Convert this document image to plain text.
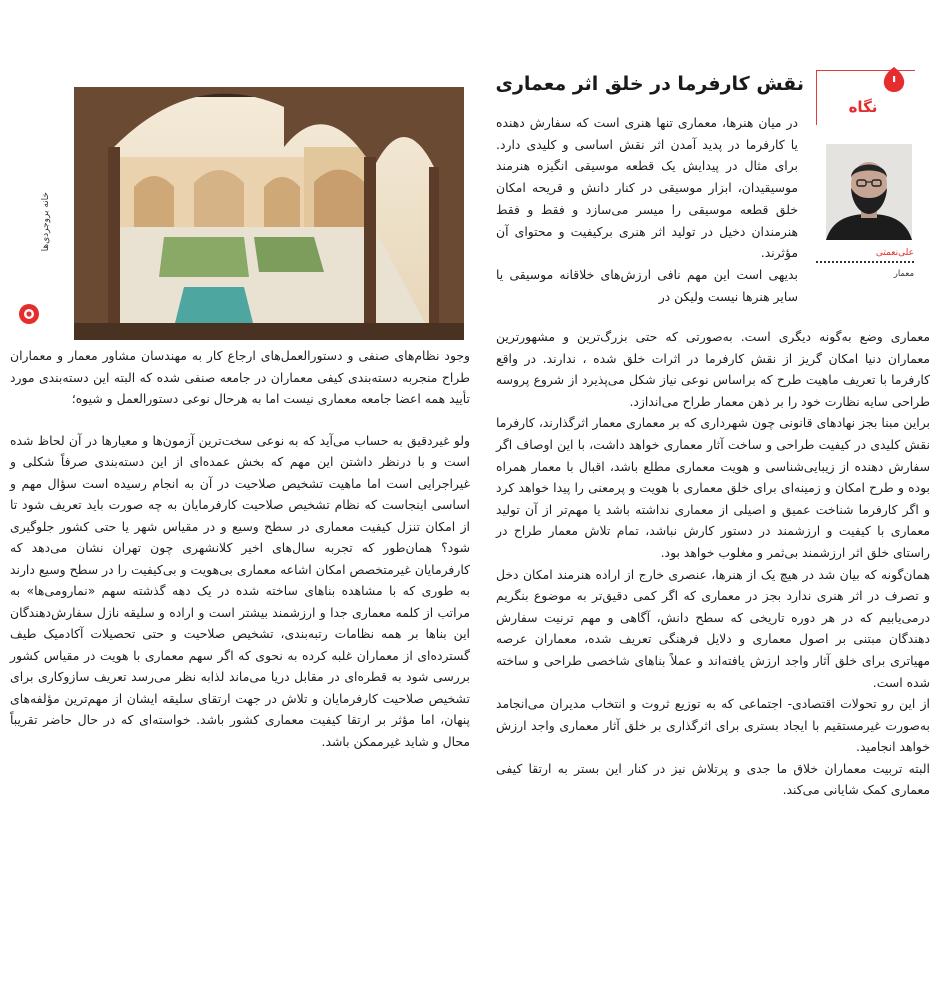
نگاه
علی‌نعمتی
معمار
نقش کارفرما در خلق اثر معماری

در میان هنرها، معماری تنها هنری است که سفارش دهنده یا کارفرما در پدید آمدن اثر نقش اساسی و کلیدی دارد. برای مثال در پیدایش یک قطعه موسیقی انگیزه هنرمند موسیقیدان، ابزار موسیقی در کنار دانش و قریحه امکان خلق قطعه موسیقی را میسر می‌سازد و فقط و فقط هنرمندان دخیل در تولید اثر هنری برکیفیت و محتوای آن مؤثرند.

بدیهی است این مهم نافی ارزش‌های خلاقانه موسیقی یا سایر هنرها نیست ولیکن در

معماری وضع به‌گونه دیگری است. به‌صورتی که حتی بزرگ‌ترین و مشهورترین معماران دنیا امکان گریز از نقش کارفرما در اثرات خلق شده ، ندارند. در واقع کارفرما با تعریف ماهیت طرح که براساس نوعی نیاز شکل می‌پذیرد از شروع پروسه طراحی سایه نظارت خود را بر ذهن معمار طراح می‌اندازد.

براین مبنا بجز نهادهای قانونی چون شهرداری که بر معماری معمار اثرگذارند، کارفرما نقش کلیدی در کیفیت طراحی و ساخت آثار معماری خواهد داشت، با این اوصاف اگر سفارش دهنده از زیبایی‌شناسی و هویت معماری مطلع باشد، اقبال با معمار همراه بوده و طرح امکان و زمینه‌ای برای خلق معماری با هویت و پرمعنی را پیدا خواهد کرد و اگر کارفرما شناخت عمیق و اصیلی از معماری نداشته باشد یا مهم‌تر از آن تولید معماری با کیفیت و ارزشمند در دستور کارش نباشد، تمام تلاش معمار طراح در راستای خلق اثر ارزشمند بی‌ثمر و مغلوب خواهد بود.

همان‌گونه که بیان شد در هیچ یک از هنرها، عنصری خارج از اراده هنرمند امکان دخل و تصرف در اثر هنری ندارد بجز در معماری که اگر کمی دقیق‌تر به موضوع بنگریم درمی‌یابیم که در هر دوره تاریخی که سطح دانش، آگاهی و مهم ترنیت سفارش دهندگان مبتنی بر اصول معماری و دلایل فرهنگی تعریف شده، معماران عرصه مهیاتری برای خلق آثار واجد ارزش یافته‌اند و عملاً بناهای شاخصی طراحی و ساخته شده است.

از این رو تحولات اقتصادی- اجتماعی که به توزیع ثروت و انتخاب مدیران می‌انجامد به‌صورت غیرمستقیم با ایجاد بستری برای اثرگذاری بر خلق آثار معماری واجد ارزش خواهد انجامید.

البته تربیت معماران خلاق ما جدی و پرتلاش نیز در کنار این بستر به ارتقا کیفی معماری کمک شایانی می‌کند.

خانه بروجردی‌ها

وجود نظام‌های صنفی و دستورالعمل‌های ارجاع کار به مهندسان مشاور معمار و معماران طراح منجربه دسته‌بندی کیفی معماران در جامعه صنفی شده که البته این دسته‌بندی مورد تأیید همه اعضا جامعه معماری نیست اما به هرحال نوعی دستورالعمل و شیوه؛

ولو غیردقیق به حساب می‌آید که به نوعی سخت‌ترین آزمون‌ها و معیارها در آن لحاظ شده است و با درنظر داشتن این مهم که بخش عمده‌ای از این دسته‌بندی صرفاً شکلی و غیراجرایی است اما ماهیت تشخیص صلاحیت در آن به انجام رسیده است سؤال مهم و اساسی اینجاست که نظام تشخیص صلاحیت کارفرمایان به چه صورت باید تعریف شود تا از امکان تنزل کیفیت معماری در سطح وسیع و در مقیاس شهر یا حتی کشور جلوگیری شود؟ همان‌طور که تجربه سال‌های اخیر کلانشهری چون تهران نشان می‌دهد که کارفرمایان غیرمتخصص امکان اشاعه معماری بی‌هویت و بی‌کیفیت را در سطح وسیع دارند به طوری که با مشاهده بناهای ساخته شده در یک دهه گذشته سهم «نمارومی‌ها» به مراتب از کلمه معماری جدا و ارزشمند بیشتر است و اراده و سلیقه نازل سفارش‌دهندگان این بناها بر همه نظامات رتبه‌بندی، تشخیص صلاحیت و حتی تحصیلات آکادمیک طیف گسترده‌ای از معماران غلبه کرده به نحوی که اگر سهم معماری با هویت در مقیاس کشور بررسی شود به قطره‌ای در مقابل دریا می‌ماند لذابه نظر می‌رسد تعریف سازوکاری برای تشخیص صلاحیت کارفرمایان و تلاش در جهت ارتقای سلیقه ایشان از مهم‌ترین مؤلفه‌های پنهان، اما مؤثر بر ارتقا کیفیت معماری کشور باشد. خواسته‌ای که در حال حاضر تقریباً محال و شاید غیرممکن باشد.
